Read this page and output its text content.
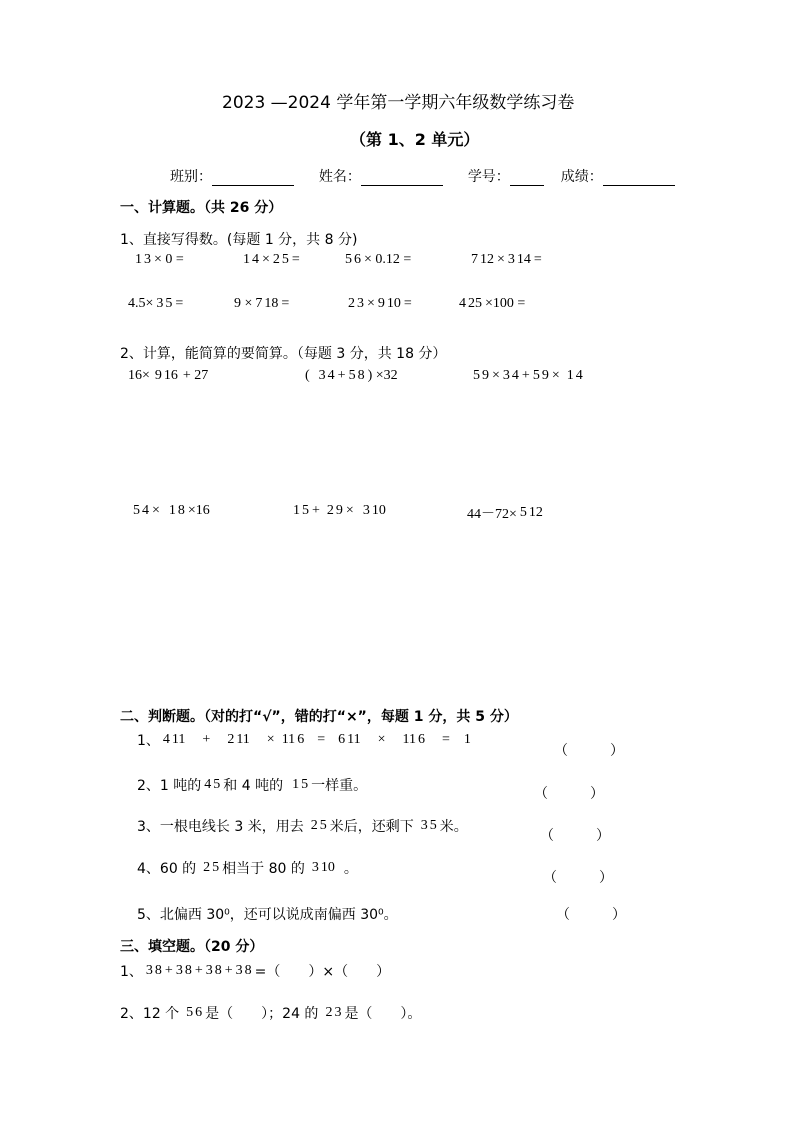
2023 —2024 学年第一学期六年级数学练习卷
（第 1、2 单元）
班别：	姓名：	学号：	成绩：
一、计算题。（共 26 分）
1、直接写得数。(每题 1 分，共 8 分)
1 3 × 0 =	1 4 × 2 5 =	5 6 × 0.12 =	7 12 × 3 14 =
4.5× 3 5 =	9 × 7 18 =	2 3 × 9 10 =	4 25 ×100 =
2、计算，能简算的要简算。（每题 3 分，共 18 分）
16× 9 16 + 27	( 3 4 + 5 8 ) ×32	5 9 × 3 4 + 5 9 × 1 4
5 4 × 1 8 ×16	1 5 + 2 9 × 3 10	44－72× 5 12
二、判断题。（对的打“√”，错的打“×”，每题 1 分，共 5 分）
1、 4 11 + 2 11 × 11 6 = 6 11 × 11 6 = 1
（　　　）
2、1 吨的 4 5 和 4 吨的 1 5 一样重。	（　　　）
3、一根电线长 3 米，用去 2 5 米后，还剩下 3 5 米。
（　　　）
4、60 的 2 5 相当于 80 的 3 10 。
（　　　）
5、北偏西 30⁰，还可以说成南偏西 30⁰。	（　　　）
三、填空题。（20 分）
1、 3 8 + 3 8 + 3 8 + 3 8 =（　　）×（　　）
2、12 个 5 6 是（　　）；24 的 2 3 是（　　）。
